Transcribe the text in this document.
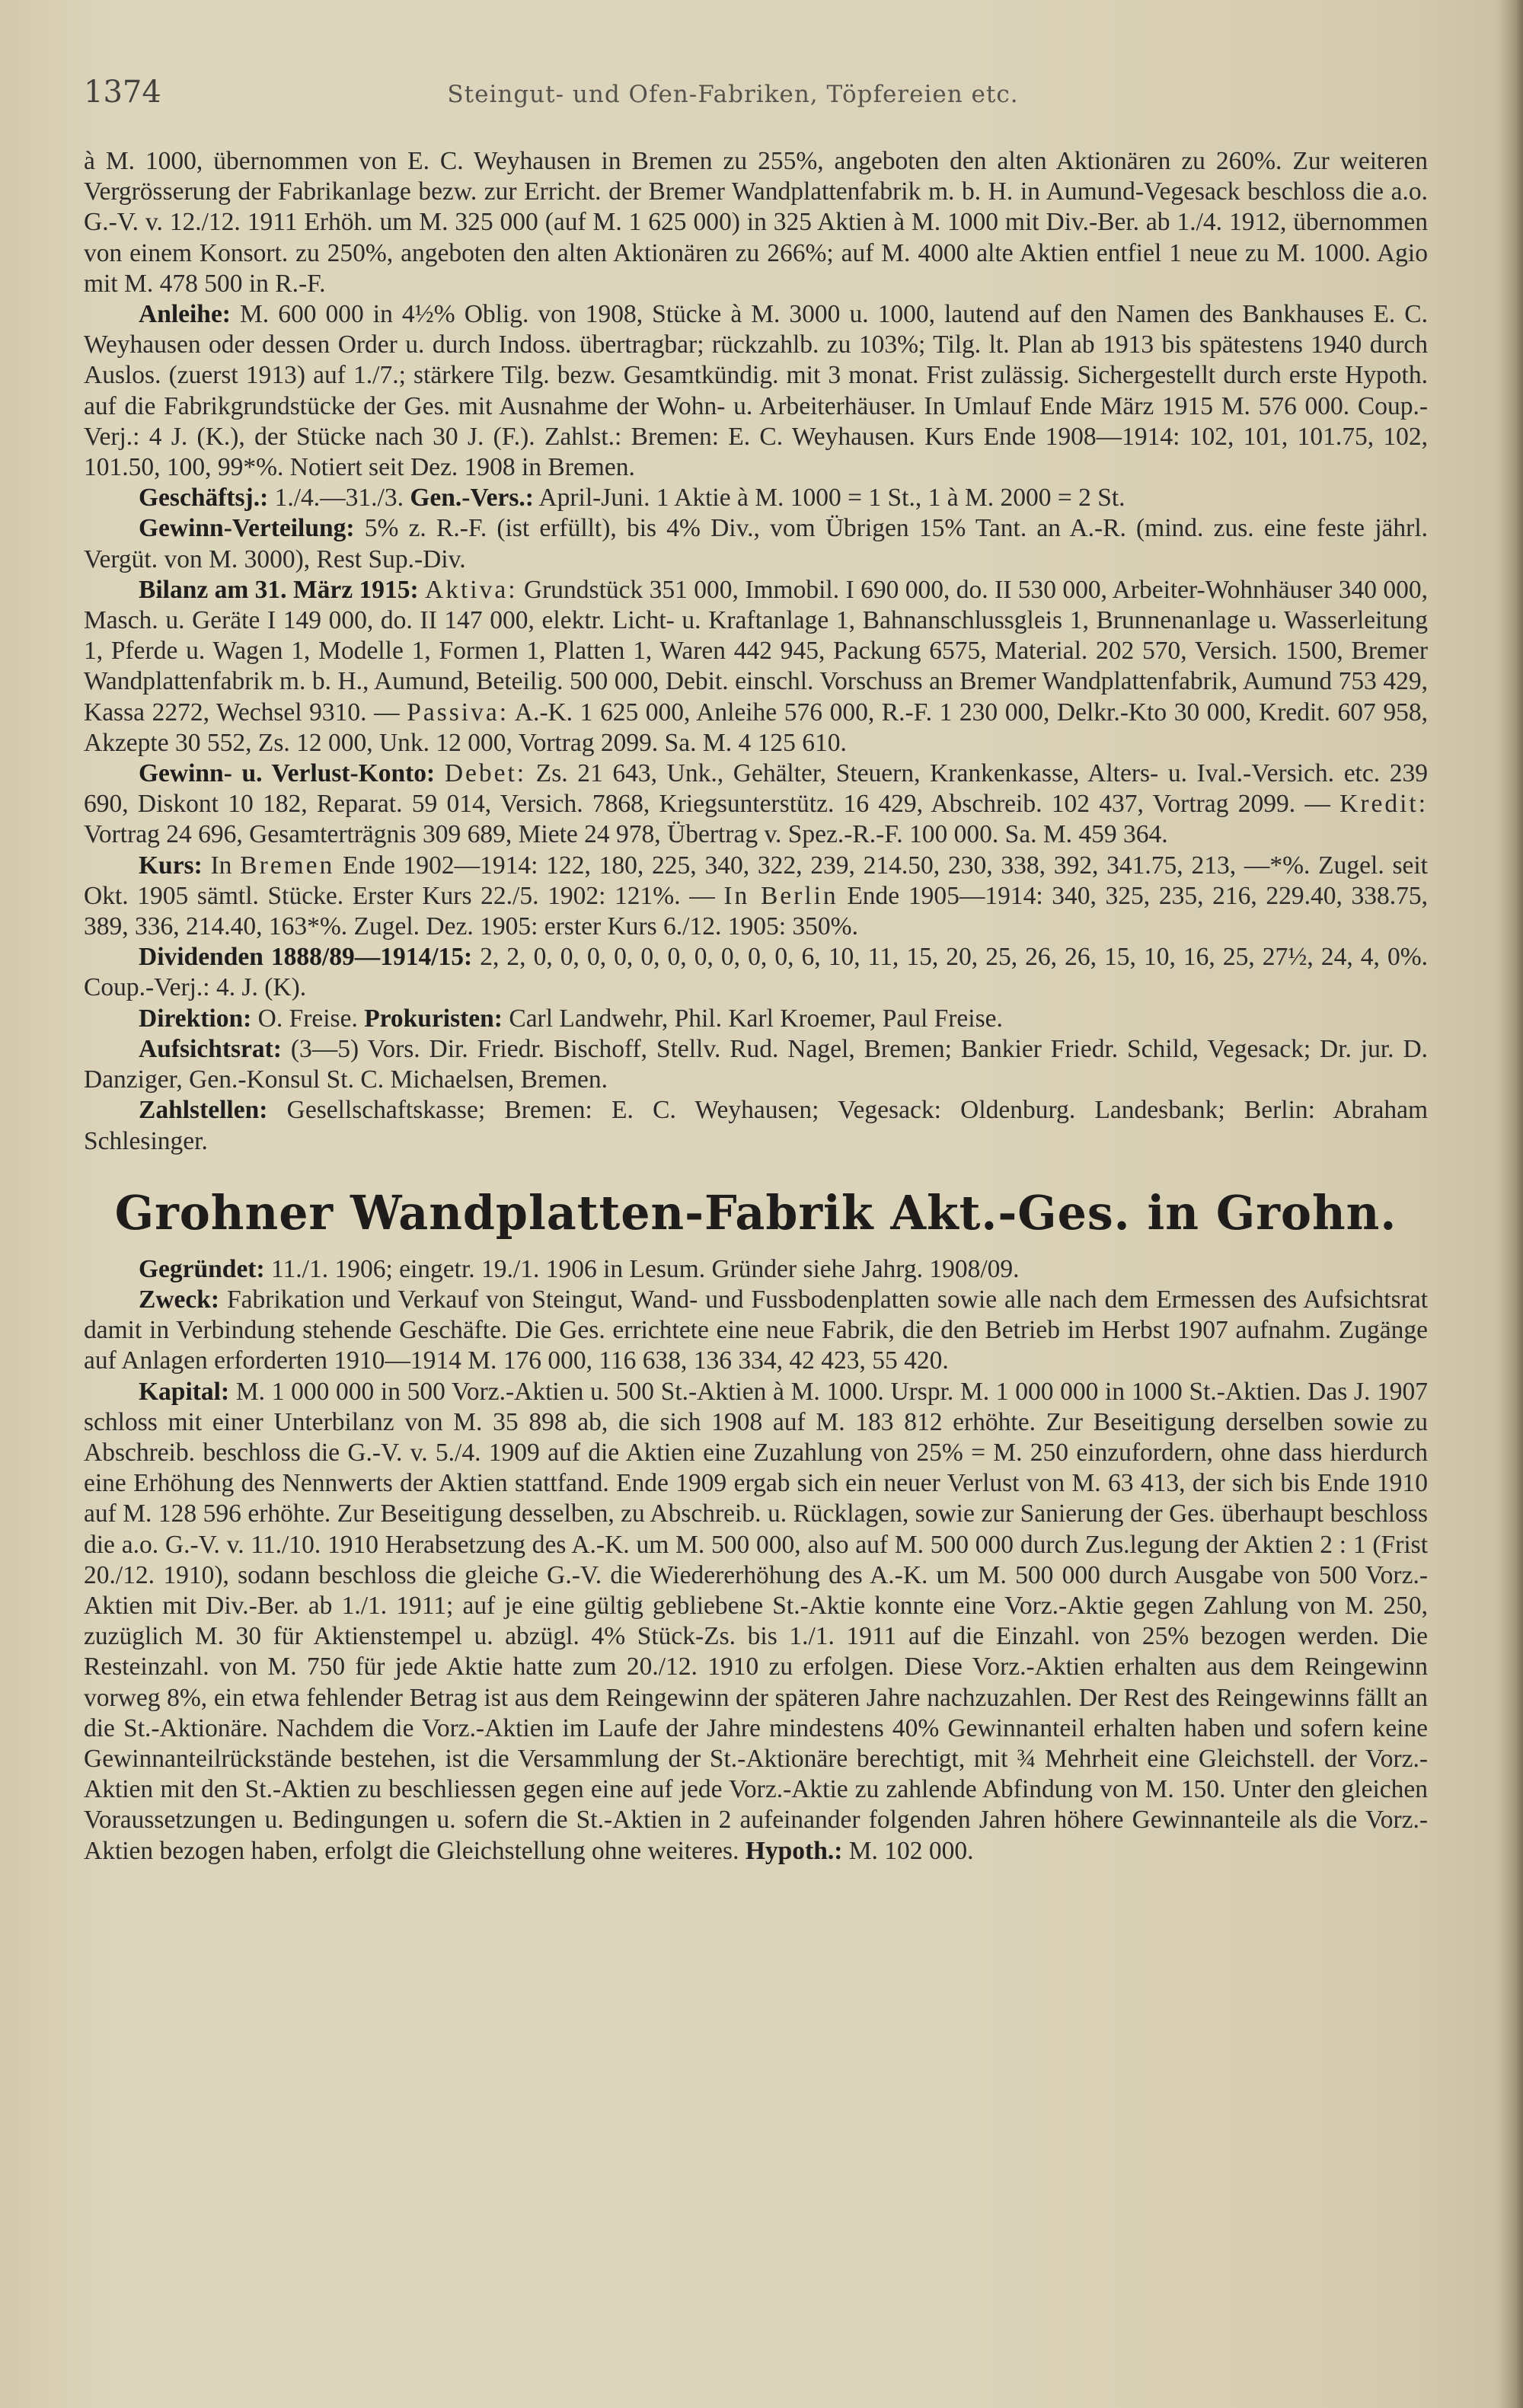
1374	Steingut- und Ofen-Fabriken, Töpfereien etc.

à M. 1000, übernommen von E. C. Weyhausen in Bremen zu 255%, angeboten den alten Aktionären zu 260%. Zur weiteren Vergrösserung der Fabrikanlage bezw. zur Erricht. der Bremer Wandplattenfabrik m. b. H. in Aumund-Vegesack beschloss die a.o. G.-V. v. 12./12. 1911 Erhöh. um M. 325 000 (auf M. 1 625 000) in 325 Aktien à M. 1000 mit Div.-Ber. ab 1./4. 1912, übernommen von einem Konsort. zu 250%, angeboten den alten Aktionären zu 266%; auf M. 4000 alte Aktien entfiel 1 neue zu M. 1000. Agio mit M. 478 500 in R.-F.

Anleihe: M. 600 000 in 4½% Oblig. von 1908, Stücke à M. 3000 u. 1000, lautend auf den Namen des Bankhauses E. C. Weyhausen oder dessen Order u. durch Indoss. übertragbar; rückzahlb. zu 103%; Tilg. lt. Plan ab 1913 bis spätestens 1940 durch Auslos. (zuerst 1913) auf 1./7.; stärkere Tilg. bezw. Gesamtkündig. mit 3 monat. Frist zulässig. Sichergestellt durch erste Hypoth. auf die Fabrikgrundstücke der Ges. mit Ausnahme der Wohn- u. Arbeiterhäuser. In Umlauf Ende März 1915 M. 576 000. Coup.-Verj.: 4 J. (K.), der Stücke nach 30 J. (F.). Zahlst.: Bremen: E. C. Weyhausen. Kurs Ende 1908—1914: 102, 101, 101.75, 102, 101.50, 100, 99*%. Notiert seit Dez. 1908 in Bremen.

Geschäftsj.: 1./4.—31./3. Gen.-Vers.: April-Juni. 1 Aktie à M. 1000 = 1 St., 1 à M. 2000 = 2 St.

Gewinn-Verteilung: 5% z. R.-F. (ist erfüllt), bis 4% Div., vom Übrigen 15% Tant. an A.-R. (mind. zus. eine feste jährl. Vergüt. von M. 3000), Rest Sup.-Div.

Bilanz am 31. März 1915: Aktiva: Grundstück 351 000, Immobil. I 690 000, do. II 530 000, Arbeiter-Wohnhäuser 340 000, Masch. u. Geräte I 149 000, do. II 147 000, elektr. Licht- u. Kraftanlage 1, Bahnanschlussgleis 1, Brunnenanlage u. Wasserleitung 1, Pferde u. Wagen 1, Modelle 1, Formen 1, Platten 1, Waren 442 945, Packung 6575, Material. 202 570, Versich. 1500, Bremer Wandplattenfabrik m. b. H., Aumund, Beteilig. 500 000, Debit. einschl. Vorschuss an Bremer Wandplattenfabrik, Aumund 753 429, Kassa 2272, Wechsel 9310. — Passiva: A.-K. 1 625 000, Anleihe 576 000, R.-F. 1 230 000, Delkr.-Kto 30 000, Kredit. 607 958, Akzepte 30 552, Zs. 12 000, Unk. 12 000, Vortrag 2099. Sa. M. 4 125 610.

Gewinn- u. Verlust-Konto: Debet: Zs. 21 643, Unk., Gehälter, Steuern, Krankenkasse, Alters- u. Ival.-Versich. etc. 239 690, Diskont 10 182, Reparat. 59 014, Versich. 7868, Kriegsunterstütz. 16 429, Abschreib. 102 437, Vortrag 2099. — Kredit: Vortrag 24 696, Gesamterträgnis 309 689, Miete 24 978, Übertrag v. Spez.-R.-F. 100 000. Sa. M. 459 364.

Kurs: In Bremen Ende 1902—1914: 122, 180, 225, 340, 322, 239, 214.50, 230, 338, 392, 341.75, 213, —*%. Zugel. seit Okt. 1905 sämtl. Stücke. Erster Kurs 22./5. 1902: 121%. — In Berlin Ende 1905—1914: 340, 325, 235, 216, 229.40, 338.75, 389, 336, 214.40, 163*%. Zugel. Dez. 1905: erster Kurs 6./12. 1905: 350%.

Dividenden 1888/89—1914/15: 2, 2, 0, 0, 0, 0, 0, 0, 0, 0, 0, 0, 6, 10, 11, 15, 20, 25, 26, 26, 15, 10, 16, 25, 27½, 24, 4, 0%. Coup.-Verj.: 4. J. (K).

Direktion: O. Freise. Prokuristen: Carl Landwehr, Phil. Karl Kroemer, Paul Freise.

Aufsichtsrat: (3—5) Vors. Dir. Friedr. Bischoff, Stellv. Rud. Nagel, Bremen; Bankier Friedr. Schild, Vegesack; Dr. jur. D. Danziger, Gen.-Konsul St. C. Michaelsen, Bremen.

Zahlstellen: Gesellschaftskasse; Bremen: E. C. Weyhausen; Vegesack: Oldenburg. Landesbank; Berlin: Abraham Schlesinger.

Grohner Wandplatten-Fabrik Akt.-Ges. in Grohn.

Gegründet: 11./1. 1906; eingetr. 19./1. 1906 in Lesum. Gründer siehe Jahrg. 1908/09.

Zweck: Fabrikation und Verkauf von Steingut, Wand- und Fussbodenplatten sowie alle nach dem Ermessen des Aufsichtsrat damit in Verbindung stehende Geschäfte. Die Ges. errichtete eine neue Fabrik, die den Betrieb im Herbst 1907 aufnahm. Zugänge auf Anlagen erforderten 1910—1914 M. 176 000, 116 638, 136 334, 42 423, 55 420.

Kapital: M. 1 000 000 in 500 Vorz.-Aktien u. 500 St.-Aktien à M. 1000. Urspr. M. 1 000 000 in 1000 St.-Aktien. Das J. 1907 schloss mit einer Unterbilanz von M. 35 898 ab, die sich 1908 auf M. 183 812 erhöhte. Zur Beseitigung derselben sowie zu Abschreib. beschloss die G.-V. v. 5./4. 1909 auf die Aktien eine Zuzahlung von 25% = M. 250 einzufordern, ohne dass hierdurch eine Erhöhung des Nennwerts der Aktien stattfand. Ende 1909 ergab sich ein neuer Verlust von M. 63 413, der sich bis Ende 1910 auf M. 128 596 erhöhte. Zur Beseitigung desselben, zu Abschreib. u. Rücklagen, sowie zur Sanierung der Ges. überhaupt beschloss die a.o. G.-V. v. 11./10. 1910 Herabsetzung des A.-K. um M. 500 000, also auf M. 500 000 durch Zus.legung der Aktien 2 : 1 (Frist 20./12. 1910), sodann beschloss die gleiche G.-V. die Wiedererhöhung des A.-K. um M. 500 000 durch Ausgabe von 500 Vorz.-Aktien mit Div.-Ber. ab 1./1. 1911; auf je eine gültig gebliebene St.-Aktie konnte eine Vorz.-Aktie gegen Zahlung von M. 250, zuzüglich M. 30 für Aktienstempel u. abzügl. 4% Stück-Zs. bis 1./1. 1911 auf die Einzahl. von 25% bezogen werden. Die Resteinzahl. von M. 750 für jede Aktie hatte zum 20./12. 1910 zu erfolgen. Diese Vorz.-Aktien erhalten aus dem Reingewinn vorweg 8%, ein etwa fehlender Betrag ist aus dem Reingewinn der späteren Jahre nachzuzahlen. Der Rest des Reingewinns fällt an die St.-Aktionäre. Nachdem die Vorz.-Aktien im Laufe der Jahre mindestens 40% Gewinnanteil erhalten haben und sofern keine Gewinnanteilrückstände bestehen, ist die Versammlung der St.-Aktionäre berechtigt, mit ¾ Mehrheit eine Gleichstell. der Vorz.-Aktien mit den St.-Aktien zu beschliessen gegen eine auf jede Vorz.-Aktie zu zahlende Abfindung von M. 150. Unter den gleichen Voraussetzungen u. Bedingungen u. sofern die St.-Aktien in 2 aufeinander folgenden Jahren höhere Gewinnanteile als die Vorz.-Aktien bezogen haben, erfolgt die Gleichstellung ohne weiteres. Hypoth.: M. 102 000.
